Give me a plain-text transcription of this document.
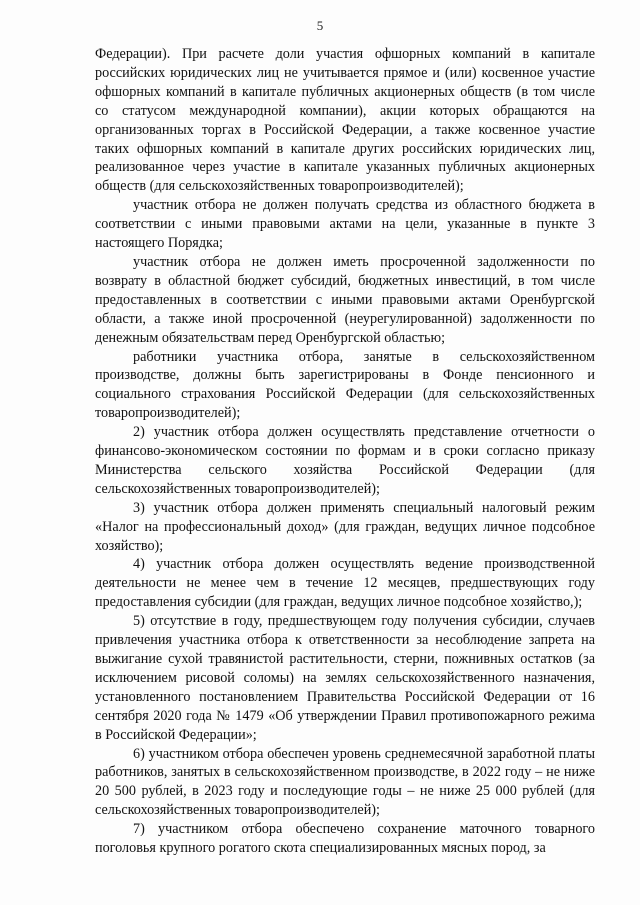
5

Федерации). При расчете доли участия офшорных компаний в капитале российских юридических лиц не учитывается прямое и (или) косвенное участие офшорных компаний в капитале публичных акционерных обществ (в том числе со статусом международной компании), акции которых обращаются на организованных торгах в Российской Федерации, а также косвенное участие таких офшорных компаний в капитале других российских юридических лиц, реализованное через участие в капитале указанных публичных акционерных обществ (для сельскохозяйственных товаропроизводителей);

участник отбора не должен получать средства из областного бюджета в соответствии с иными правовыми актами на цели, указанные в пункте 3 настоящего Порядка;

участник отбора не должен иметь просроченной задолженности по возврату в областной бюджет субсидий, бюджетных инвестиций, в том числе предоставленных в соответствии с иными правовыми актами Оренбургской области, а также иной просроченной (неурегулированной) задолженности по денежным обязательствам перед Оренбургской областью;

работники участника отбора, занятые в сельскохозяйственном производстве, должны быть зарегистрированы в Фонде пенсионного и социального страхования Российской Федерации (для сельскохозяйственных товаропроизводителей);

2) участник отбора должен осуществлять представление отчетности о финансово-экономическом состоянии по формам и в сроки согласно приказу Министерства сельского хозяйства Российской Федерации (для сельскохозяйственных товаропроизводителей);

3) участник отбора должен применять специальный налоговый режим «Налог на профессиональный доход» (для граждан, ведущих личное подсобное хозяйство);

4) участник отбора должен осуществлять ведение производственной деятельности не менее чем в течение 12 месяцев, предшествующих году предоставления субсидии (для граждан, ведущих личное подсобное хозяйство,);

5) отсутствие в году, предшествующем году получения субсидии, случаев привлечения участника отбора к ответственности за несоблюдение запрета на выжигание сухой травянистой растительности, стерни, пожнивных остатков (за исключением рисовой соломы) на землях сельскохозяйственного назначения, установленного постановлением Правительства Российской Федерации от 16 сентября 2020 года № 1479 «Об утверждении Правил противопожарного режима в Российской Федерации»;

6) участником отбора обеспечен уровень среднемесячной заработной платы работников, занятых в сельскохозяйственном производстве, в 2022 году – не ниже 20 500 рублей, в 2023 году и последующие годы – не ниже 25 000 рублей (для сельскохозяйственных товаропроизводителей);

7) участником отбора обеспечено сохранение маточного товарного поголовья крупного рогатого скота специализированных мясных пород, за
